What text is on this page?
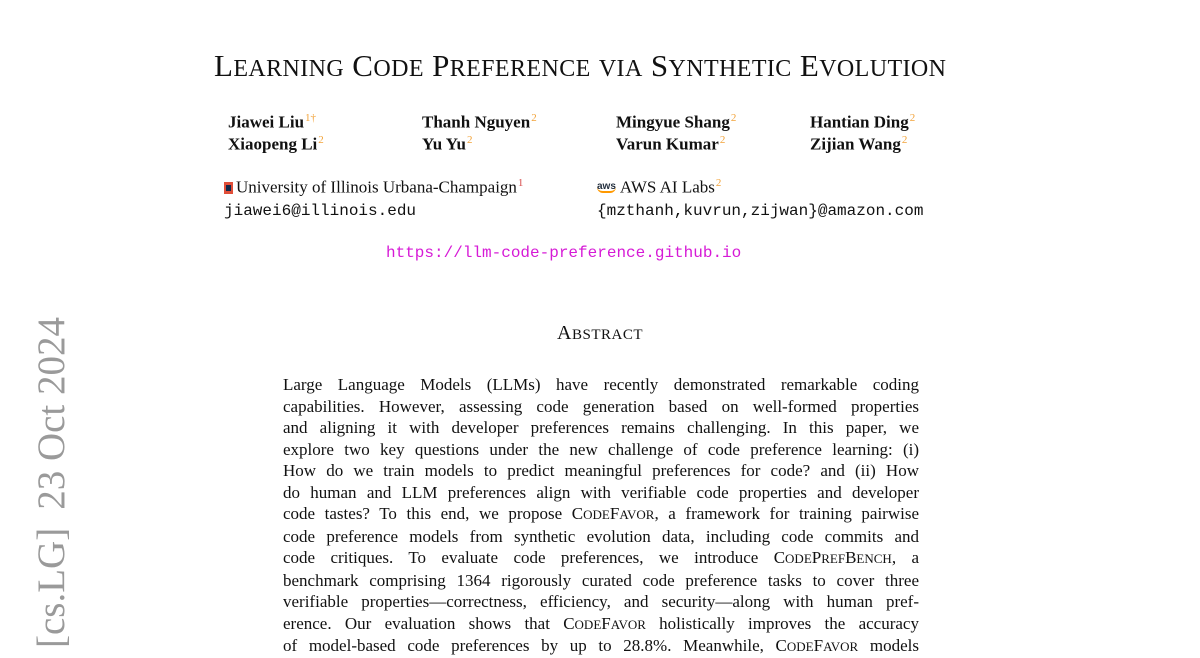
[cs.LG]23 Oct 2024
LEARNING CODE PREFERENCE VIA SYNTHETIC EVOLUTION
Jiawei Liu$^{1\dagger}$	Thanh Nguyen$^2$	Mingyue Shang$^2$	Hantian Ding$^2$
Xiaopeng Li$^2$	Yu Yu$^2$	Varun Kumar$^2$	Zijian Wang$^2$
University of Illinois Urbana-Champaign$^1$
jiawei6@illinois.edu
aws AWS AI Labs$^2$
{mzthanh,kuvrun,zijwan}@amazon.com
https://llm-code-preference.github.io
ABSTRACT
Large Language Models (LLMs) have recently demonstrated remarkable coding
capabilities. However, assessing code generation based on well-formed properties
and aligning it with developer preferences remains challenging. In this paper, we
explore two key questions under the new challenge of code preference learning: (i)
How do we train models to predict meaningful preferences for code? and (ii) How
do human and LLM preferences align with verifiable code properties and developer
code tastes? To this end, we propose CODEFAVOR, a framework for training pairwise
code preference models from synthetic evolution data, including code commits and
code critiques. To evaluate code preferences, we introduce CODEPREFBENCH, a
benchmark comprising 1364 rigorously curated code preference tasks to cover three
verifiable properties—correctness, efficiency, and security—along with human pref-
erence. Our evaluation shows that CODEFAVOR holistically improves the accuracy
of model-based code preferences by up to 28.8%. Meanwhile, CODEFAVOR models
